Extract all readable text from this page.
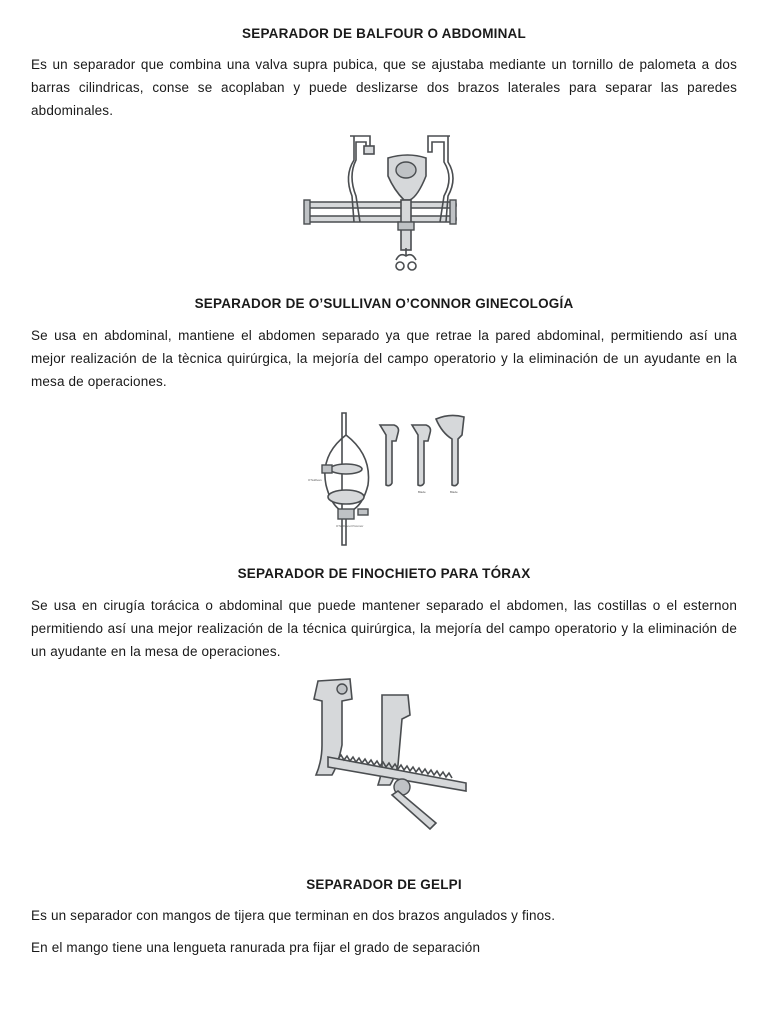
SEPARADOR DE BALFOUR O ABDOMINAL

Es un separador que combina una valva supra pubica, que se ajustaba mediante un tornillo de palometa a dos barras cilindricas, conse se acoplaban y puede deslizarse dos brazos laterales para separar las paredes abdominales.

SEPARADOR DE O’SULLIVAN O’CONNOR GINECOLOGÍA

Se usa en abdominal, mantiene el abdomen separado ya que retrae la pared abdominal, permitiendo así una mejor realización de la tècnica quirúrgica, la mejoría del campo operatorio y la eliminación de un ayudante en la mesa de operaciones.

O’Sullivan
O’Sullivan-O’Connor
Blade	Blade
SEPARADOR DE FINOCHIETO PARA TÓRAX

Se usa en cirugía torácica o abdominal que puede mantener separado el abdomen, las costillas o el esternon permitiendo así una mejor realización de la técnica quirúrgica, la mejoría del campo operatorio y la eliminación de un ayudante en la mesa de operaciones.

SEPARADOR DE GELPI

Es un separador con mangos de tijera que terminan en dos brazos angulados y finos.

En el mango tiene una lengueta ranurada pra fijar el grado de separación
